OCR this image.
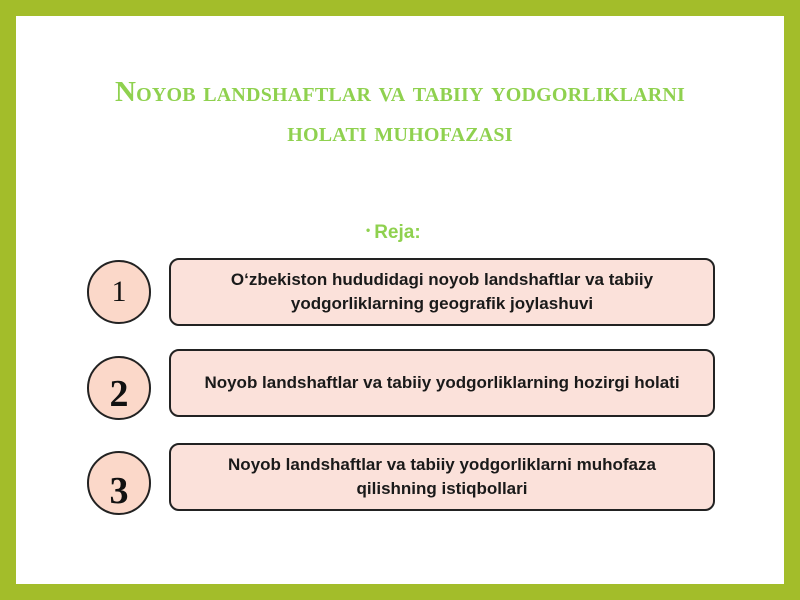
Noyob landshaftlar va tabiiy yodgorliklarni
holati muhofazasi
• Reja:
1	O‘zbekiston hududidagi noyob landshaftlar va tabiiy yodgorliklarning geografik joylashuvi
2	Noyob landshaftlar va tabiiy yodgorliklarning hozirgi holati
3
Noyob landshaftlar va tabiiy yodgorliklarni muhofaza qilishning istiqbollari
